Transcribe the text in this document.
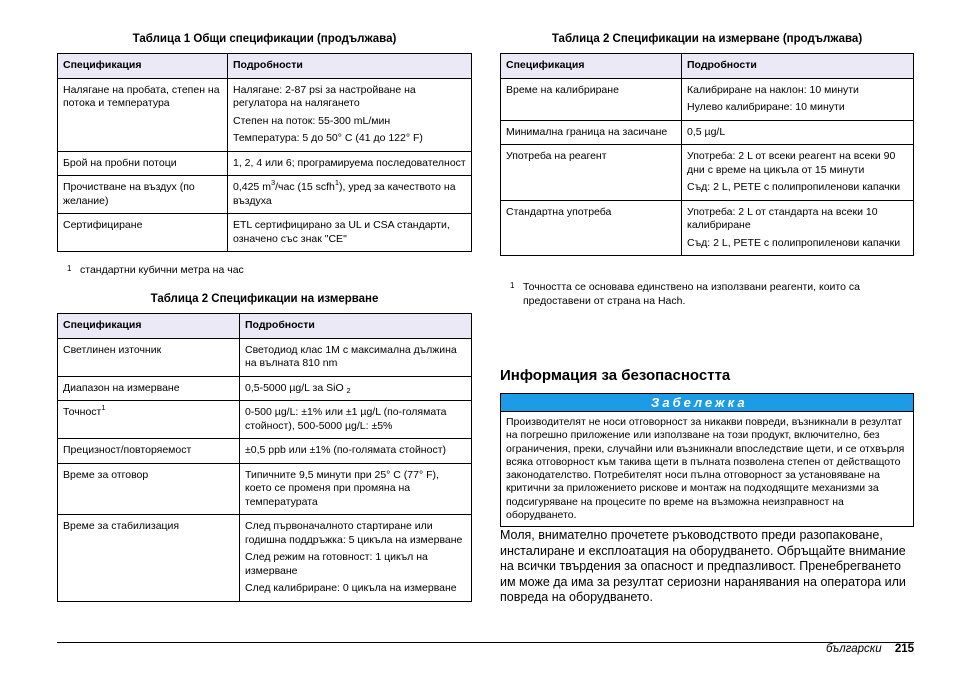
Таблица 1 Общи спецификации (продължава)
Спецификация	Подробности
Налягане на пробата, степен на потока и температура	Налягане: 2-87 psi за настройване на регулатора на налягането

Степен на поток: 55-300 mL/мин

Температура: 5 до 50° C (41 до 122° F)

Брой на пробни потоци	1, 2, 4 или 6; програмируема последователност

Прочистване на въздух (по желание)	0,425 $m^3$/час (15 scfh$^1$), уред за качеството на въздуха
Сертифициране	ETL сертифицирано за UL и CSA стандарти, означено със знак "CE"

1 стандартни кубични метра на час
Таблица 2 Спецификации на измерване
Спецификация	Подробности
Светлинен източник	Светодиод клас 1M с максимална дължина на вълната 810 nm

Диапазон на измерване	0,5-5000 µg/L за SiO $_2$
Точност$^1$	0-500 µg/L: ±1% или ±1 µg/L (по-голямата стойност), 500-5000 µg/L: ±5%

Прецизност/повторяемост	±0,5 ppb или ±1% (по-голямата стойност)

Време за отговор	Типичните 9,5 минути при 25° C (77° F), което се променя при промяна на температурата

Време за стабилизация	След първоначалното стартиране или годишна поддръжка: 5 цикъла на измерване

След режим на готовност: 1 цикъл на измерване

След калибриране: 0 цикъла на измерване

Таблица 2 Спецификации на измерване (продължава)
Спецификация	Подробности
Време на калибриране	Калибриране на наклон: 10 минути

Нулево калибриране: 10 минути

Минимална граница на засичане	0,5 µg/L

Употреба на реагент	Употреба: 2 L от всеки реагент на всеки 90 дни с време на цикъла от 15 минути

Съд: 2 L, PETE с полипропиленови капачки

Стандартна употреба	Употреба: 2 L от стандарта на всеки 10 калибриране

Съд: 2 L, PETE с полипропиленови капачки

1 Точността се основава единствено на използвани реагенти, които са предоставени от страна на Hach.
Информация за безопасността
Забележка
Производителят не носи отговорност за никакви повреди, възникнали в резултат на погрешно приложение или използване на този продукт, включително, без ограничения, преки, случайни или възникнали впоследствие щети, и се отхвърля всяка отговорност към такива щети в пълната позволена степен от действащото законодателство. Потребителят носи пълна отговорност за установяване на критични за приложението рискове и монтаж на подходящите механизми за подсигуряване на процесите по време на възможна неизправност на оборудването.
Моля, внимателно прочетете ръководството преди разопаковане, инсталиране и експлоатация на оборудването. Обръщайте внимание на всички твърдения за опасност и предпазливост. Пренебрегването им може да има за резултат сериозни наранявания на оператора или повреда на оборудването.
български 215
